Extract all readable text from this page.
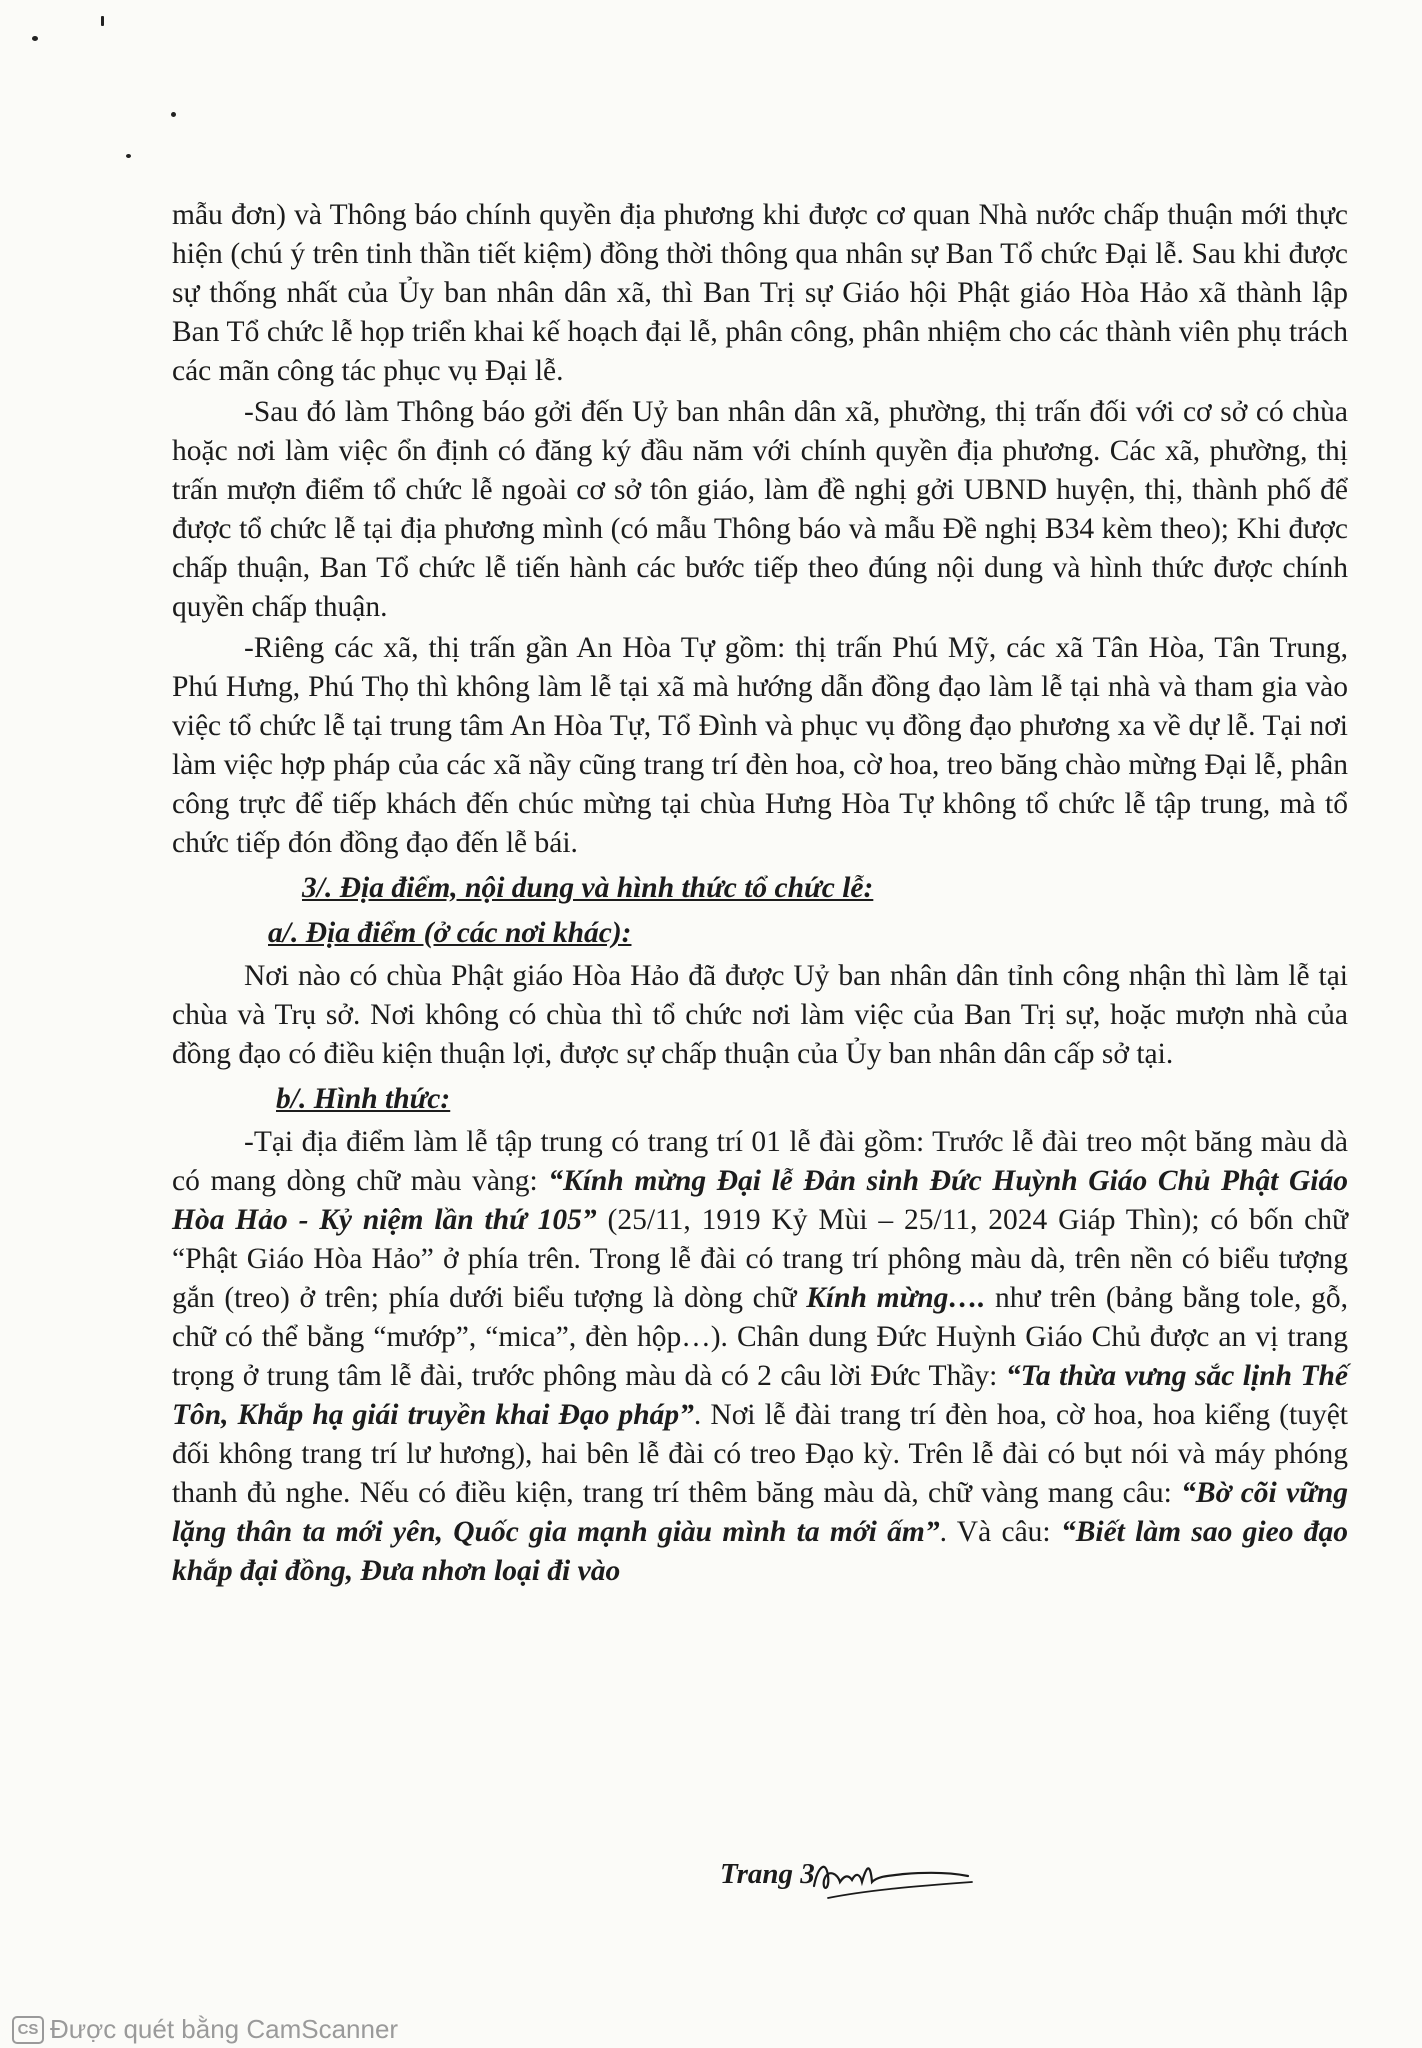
mẫu đơn) và Thông báo chính quyền địa phương khi được cơ quan Nhà nước chấp thuận mới thực hiện (chú ý trên tinh thần tiết kiệm) đồng thời thông qua nhân sự Ban Tổ chức Đại lễ. Sau khi được sự thống nhất của Ủy ban nhân dân xã, thì Ban Trị sự Giáo hội Phật giáo Hòa Hảo xã thành lập Ban Tổ chức lễ họp triển khai kế hoạch đại lễ, phân công, phân nhiệm cho các thành viên phụ trách các mãn công tác phục vụ Đại lễ.

-Sau đó làm Thông báo gởi đến Uỷ ban nhân dân xã, phường, thị trấn đối với cơ sở có chùa hoặc nơi làm việc ổn định có đăng ký đầu năm với chính quyền địa phương. Các xã, phường, thị trấn mượn điểm tổ chức lễ ngoài cơ sở tôn giáo, làm đề nghị gởi UBND huyện, thị, thành phố để được tổ chức lễ tại địa phương mình (có mẫu Thông báo và mẫu Đề nghị B34 kèm theo); Khi được chấp thuận, Ban Tổ chức lễ tiến hành các bước tiếp theo đúng nội dung và hình thức được chính quyền chấp thuận.

-Riêng các xã, thị trấn gần An Hòa Tự gồm: thị trấn Phú Mỹ, các xã Tân Hòa, Tân Trung, Phú Hưng, Phú Thọ thì không làm lễ tại xã mà hướng dẫn đồng đạo làm lễ tại nhà và tham gia vào việc tổ chức lễ tại trung tâm An Hòa Tự, Tổ Đình và phục vụ đồng đạo phương xa về dự lễ. Tại nơi làm việc hợp pháp của các xã nầy cũng trang trí đèn hoa, cờ hoa, treo băng chào mừng Đại lễ, phân công trực để tiếp khách đến chúc mừng tại chùa Hưng Hòa Tự không tổ chức lễ tập trung, mà tổ chức tiếp đón đồng đạo đến lễ bái.

3/. Địa điểm, nội dung và hình thức tổ chức lễ:

a/. Địa điểm (ở các nơi khác):

Nơi nào có chùa Phật giáo Hòa Hảo đã được Uỷ ban nhân dân tỉnh công nhận thì làm lễ tại chùa và Trụ sở. Nơi không có chùa thì tổ chức nơi làm việc của Ban Trị sự, hoặc mượn nhà của đồng đạo có điều kiện thuận lợi, được sự chấp thuận của Ủy ban nhân dân cấp sở tại.

b/. Hình thức:

-Tại địa điểm làm lễ tập trung có trang trí 01 lễ đài gồm: Trước lễ đài treo một băng màu dà có mang dòng chữ màu vàng: “Kính mừng Đại lễ Đản sinh Đức Huỳnh Giáo Chủ Phật Giáo Hòa Hảo - Kỷ niệm lần thứ 105” (25/11, 1919 Kỷ Mùi – 25/11, 2024 Giáp Thìn); có bốn chữ “Phật Giáo Hòa Hảo” ở phía trên. Trong lễ đài có trang trí phông màu dà, trên nền có biểu tượng gắn (treo) ở trên; phía dưới biểu tượng là dòng chữ Kính mừng…. như trên (bảng bằng tole, gỗ, chữ có thể bằng “mướp”, “mica”, đèn hộp…). Chân dung Đức Huỳnh Giáo Chủ được an vị trang trọng ở trung tâm lễ đài, trước phông màu dà có 2 câu lời Đức Thầy: “Ta thừa vưng sắc lịnh Thế Tôn, Khắp hạ giái truyền khai Đạo pháp”. Nơi lễ đài trang trí đèn hoa, cờ hoa, hoa kiểng (tuyệt đối không trang trí lư hương), hai bên lễ đài có treo Đạo kỳ. Trên lễ đài có bụt nói và máy phóng thanh đủ nghe. Nếu có điều kiện, trang trí thêm băng màu dà, chữ vàng mang câu: “Bờ cõi vững lặng thân ta mới yên, Quốc gia mạnh giàu mình ta mới ấm”. Và câu: “Biết làm sao gieo đạo khắp đại đồng, Đưa nhơn loại đi vào

Trang 3
CS Được quét bằng CamScanner
